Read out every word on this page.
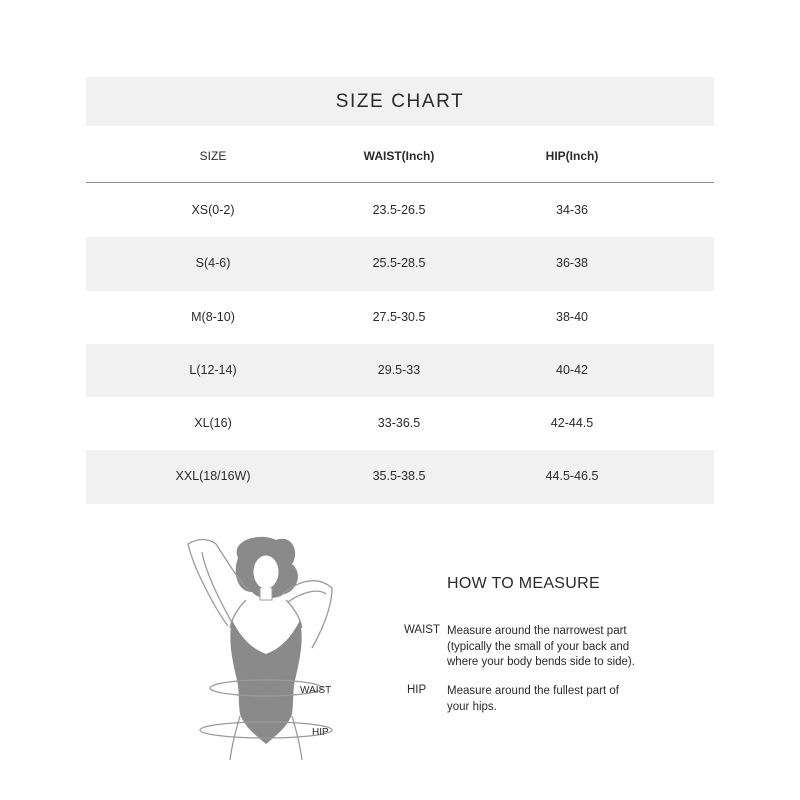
SIZE CHART
SIZE	WAIST(Inch)	HIP(Inch)
XS(0-2)	23.5-26.5	34-36
S(4-6)	25.5-28.5	36-38
M(8-10)	27.5-30.5	38-40
L(12-14)	29.5-33	40-42
XL(16)	33-36.5	42-44.5
XXL(18/16W)	35.5-38.5	44.5-46.5
WAIST
HIP
HOW TO MEASURE
WAIST Measure around the narrowest part
(typically the small of your back and
where your body bends side to side).
HIP Measure around the fullest part of
your hips.
